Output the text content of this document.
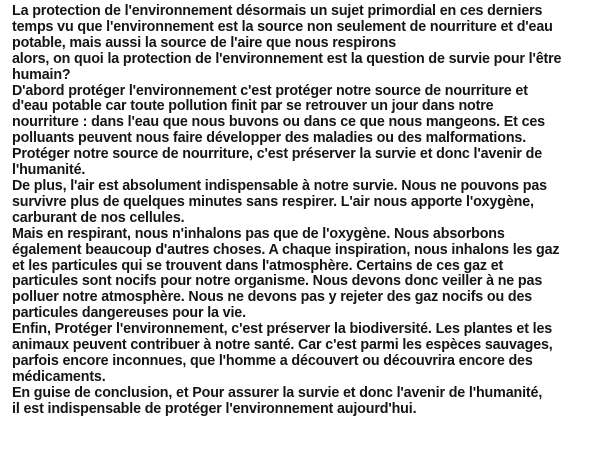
La protection de l'environnement désormais un sujet primordial en ces derniers
temps vu que l'environnement est la source non seulement de nourriture et d'eau
potable, mais aussi la source de l'aire que nous respirons
alors, on quoi la protection de l'environnement est la question de survie pour l'être
humain?
D'abord protéger l'environnement c'est protéger notre source de nourriture et
d'eau potable car toute pollution finit par se retrouver un jour dans notre
nourriture : dans l'eau que nous buvons ou dans ce que nous mangeons. Et ces
polluants peuvent nous faire développer des maladies ou des malformations.
Protéger notre source de nourriture, c'est préserver la survie et donc l'avenir de
l'humanité.
De plus, l'air est absolument indispensable à notre survie. Nous ne pouvons pas
survivre plus de quelques minutes sans respirer. L'air nous apporte l'oxygène,
carburant de nos cellules.
Mais en respirant, nous n'inhalons pas que de l'oxygène. Nous absorbons
également beaucoup d'autres choses. A chaque inspiration, nous inhalons les gaz
et les particules qui se trouvent dans l'atmosphère. Certains de ces gaz et
particules sont nocifs pour notre organisme. Nous devons donc veiller à ne pas
polluer notre atmosphère. Nous ne devons pas y rejeter des gaz nocifs ou des
particules dangereuses pour la vie.
Enfin, Protéger l'environnement, c'est préserver la biodiversité. Les plantes et les
animaux peuvent contribuer à notre santé. Car c'est parmi les espèces sauvages,
parfois encore inconnues, que l'homme a découvert ou découvrira encore des
médicaments.
En guise de conclusion, et Pour assurer la survie et donc l'avenir de l'humanité,
il est indispensable de protéger l'environnement aujourd'hui.
